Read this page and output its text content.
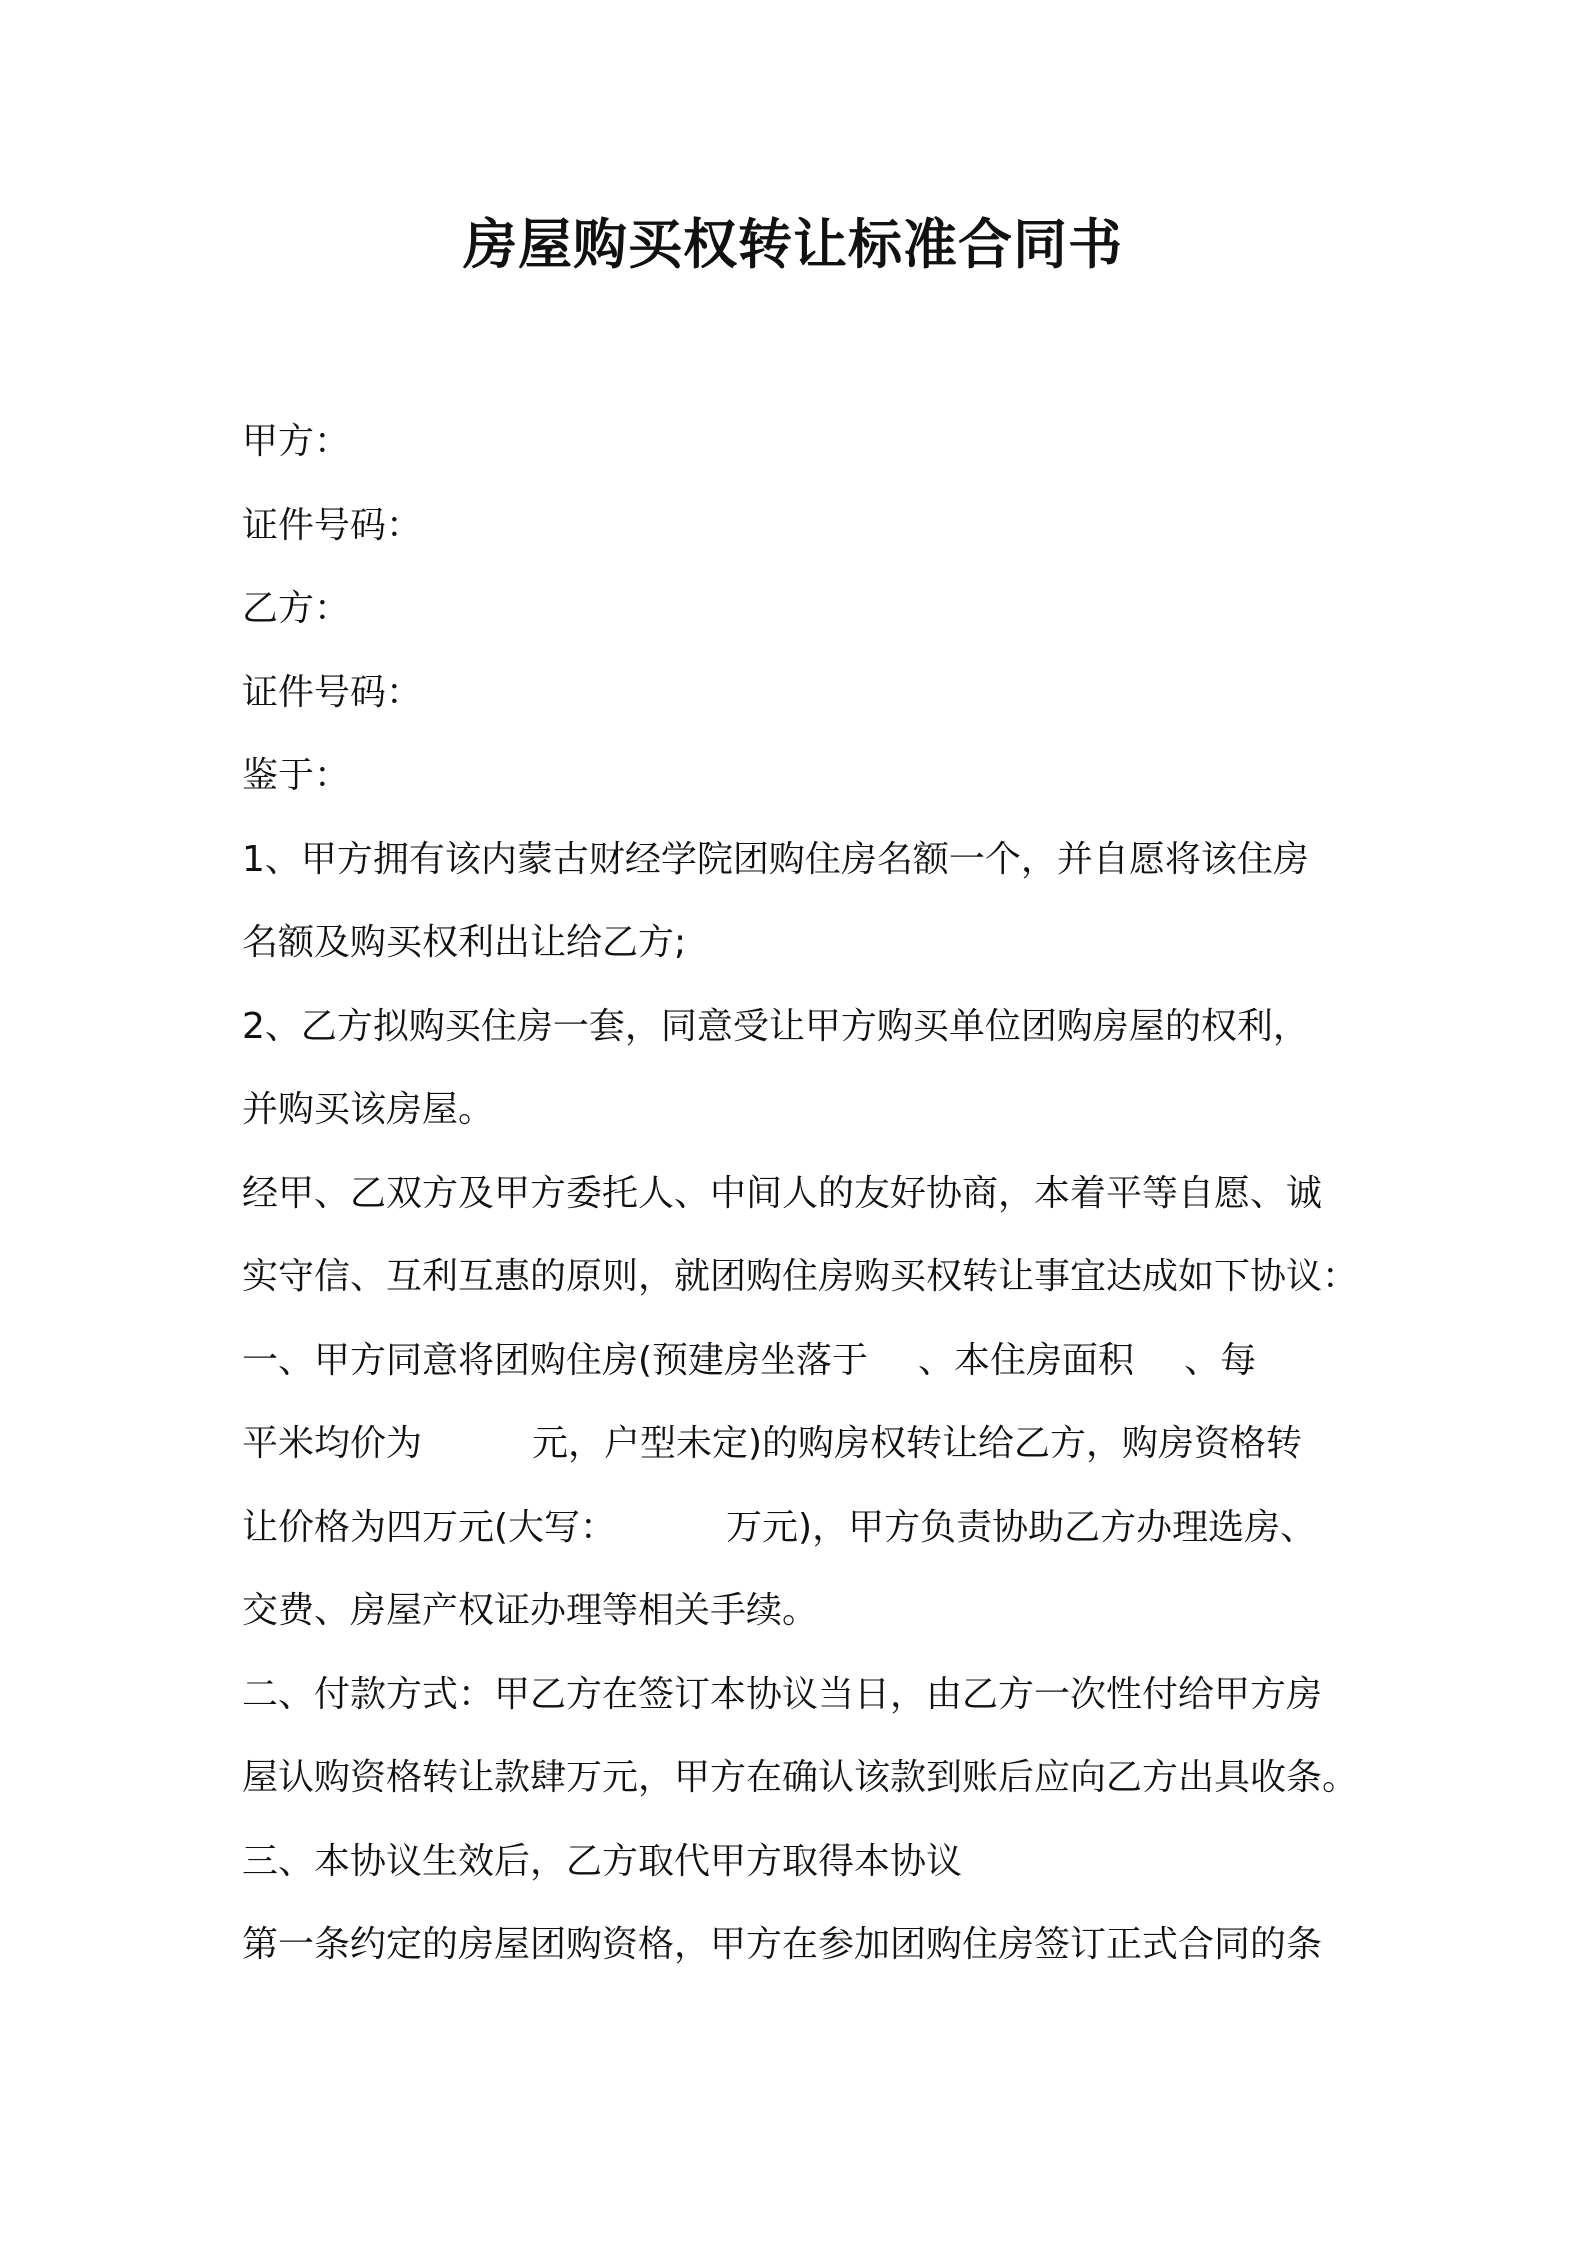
房屋购买权转让标准合同书
甲方：
证件号码：
乙方：
证件号码：
鉴于：
1、甲方拥有该内蒙古财经学院团购住房名额一个，并自愿将该住房
名额及购买权利出让给乙方;
2、乙方拟购买住房一套，同意受让甲方购买单位团购房屋的权利，
并购买该房屋。
经甲、乙双方及甲方委托人、中间人的友好协商，本着平等自愿、诚
实守信、互利互惠的原则，就团购住房购买权转让事宜达成如下协议：
一、甲方同意将团购住房(预建房坐落于 、本住房面积 、每
平米均价为	元，户型未定)的购房权转让给乙方，购房资格转
让价格为四万元(大写：	万元)，甲方负责协助乙方办理选房、
交费、房屋产权证办理等相关手续。
二、付款方式：甲乙方在签订本协议当日，由乙方一次性付给甲方房
屋认购资格转让款肆万元，甲方在确认该款到账后应向乙方出具收条。
三、本协议生效后，乙方取代甲方取得本协议
第一条约定的房屋团购资格，甲方在参加团购住房签订正式合同的条
